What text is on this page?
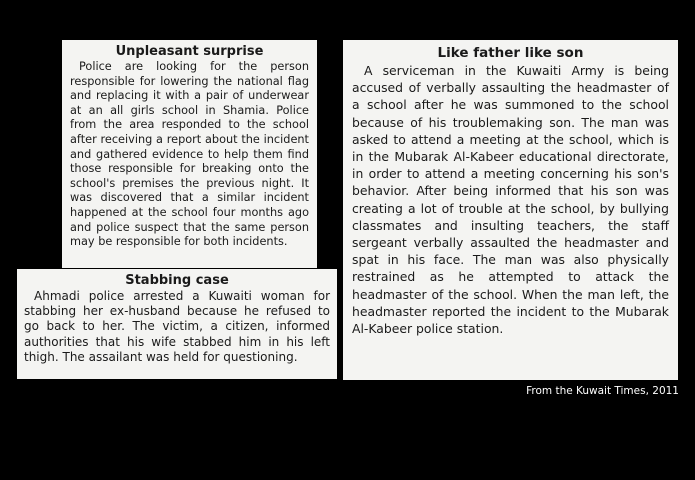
Unpleasant surprise

Police are looking for the person responsible for lowering the national flag and replacing it with a pair of underwear at an all girls school in Shamia. Police from the area responded to the school after receiving a report about the incident and gathered evidence to help them find those responsible for breaking onto the school's premises the previous night. It was discovered that a similar incident happened at the school four months ago and police suspect that the same person may be responsible for both incidents.

Stabbing case

Ahmadi police arrested a Kuwaiti woman for stabbing her ex-husband because he refused to go back to her. The victim, a citizen, informed authorities that his wife stabbed him in his left thigh. The assailant was held for questioning.

Like father like son

A serviceman in the Kuwaiti Army is being accused of verbally assaulting the headmaster of a school after he was summoned to the school because of his troublemaking son. The man was asked to attend a meeting at the school, which is in the Mubarak Al-Kabeer educational directorate, in order to attend a meeting concerning his son's behavior. After being informed that his son was creating a lot of trouble at the school, by bullying classmates and insulting teachers, the staff sergeant verbally assaulted the headmaster and spat in his face. The man was also physically restrained as he attempted to attack the headmaster of the school. When the man left, the headmaster reported the incident to the Mubarak Al-Kabeer police station.

From the Kuwait Times, 2011
